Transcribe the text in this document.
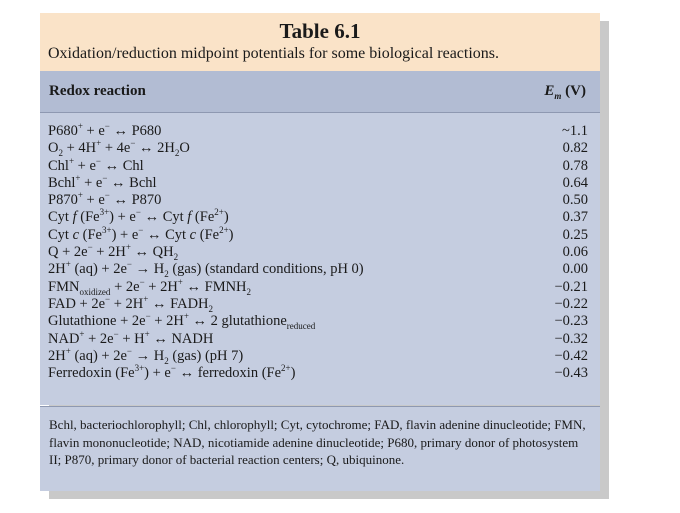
Table 6.1
Oxidation/reduction midpoint potentials for some biological reactions.
Redox reaction	$E_m$ (V)
P680+ + e− ↔ P680	~1.1
$O_2 + 4H^+ + 4e^-$ ↔ $2H_2O$	0.82
Chl+ + e− ↔ Chl	0.78
Bchl+ + e− ↔ Bchl	0.64
P870+ + e− ↔ P870	0.50
Cyt f $(Fe^{3+}) + e^-$ ↔ Cyt f $(Fe^{2+})$	0.37
Cyt c $(Fe^{3+}) + e^-$ ↔ Cyt c $(Fe^{2+})$	0.25
Q + 2e− + 2H+ ↔ $QH_2$	0.06
2H+ $(aq) + 2e^- \to H_2$ (gas) (standard conditions, pH 0)	0.00
$FMN_{oxidized} + 2e^- + 2H^+$ ↔ $FMNH_2$	−0.21
FAD + 2e− + 2H+ ↔ $FADH_2$	−0.22
Glutathione + 2e− + 2H+ ↔ 2 glutathione$_{reduced}$	−0.23
NAD+ + 2e− + H+ ↔ NADH	−0.32
2H+ $(aq) + 2e^- \to H_2$ (gas) (pH 7)	−0.42
Ferredoxin $(Fe^{3+}) + e^-$ ↔ ferredoxin $(Fe^{2+})$	−0.43

Bchl, bacteriochlorophyll; Chl, chlorophyll; Cyt, cytochrome; FAD, flavin adenine dinucleotide; FMN, flavin mononucleotide; NAD, nicotiamide adenine dinucleotide; P680, primary donor of photosystem II; P870, primary donor of bacterial reaction centers; Q, ubiquinone.
